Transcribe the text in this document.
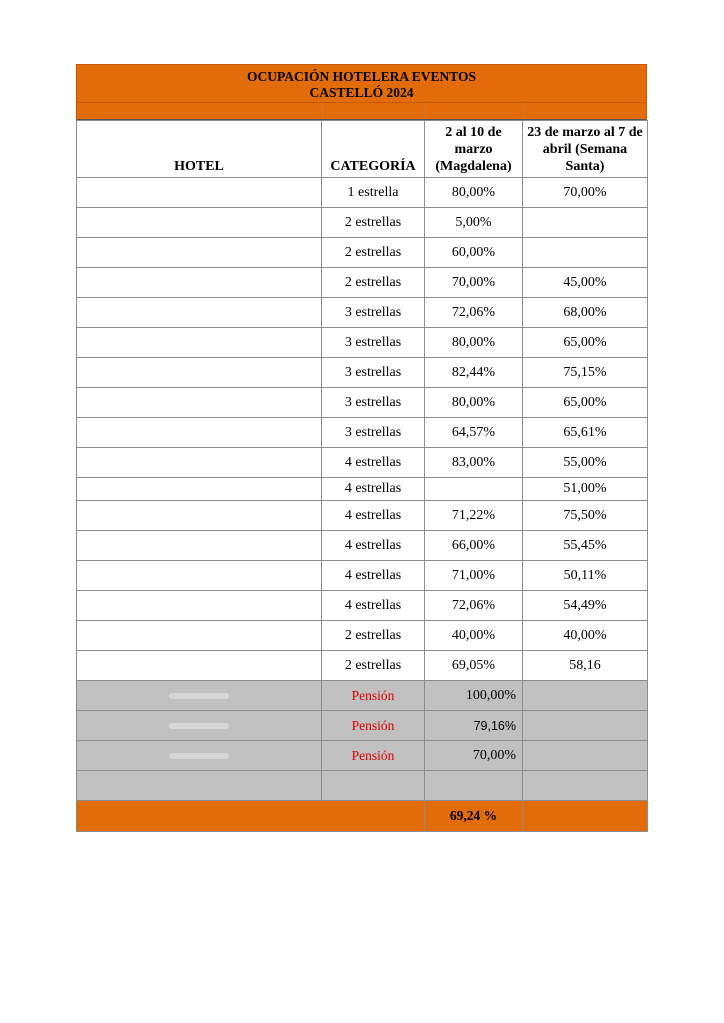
OCUPACIÓN HOTELERA EVENTOS
CASTELLÓ 2024
HOTEL	CATEGORÍA	2 al 10 de marzo (Magdalena)	23 de marzo al 7 de abril (Semana Santa)
	1 estrella	80,00%	70,00%
	2 estrellas	5,00%	
	2 estrellas	60,00%	
	2 estrellas	70,00%	45,00%
	3 estrellas	72,06%	68,00%
	3 estrellas	80,00%	65,00%
	3 estrellas	82,44%	75,15%
	3 estrellas	80,00%	65,00%
	3 estrellas	64,57%	65,61%
	4 estrellas	83,00%	55,00%
	4 estrellas		51,00%
	4 estrellas	71,22%	75,50%
	4 estrellas	66,00%	55,45%
	4 estrellas	71,00%	50,11%
	4 estrellas	72,06%	54,49%
	2 estrellas	40,00%	40,00%
	2 estrellas	69,05%	58,16
	Pensión	100,00%	
	Pensión	79,16%	
	Pensión	70,00%	

		69,24 %	
